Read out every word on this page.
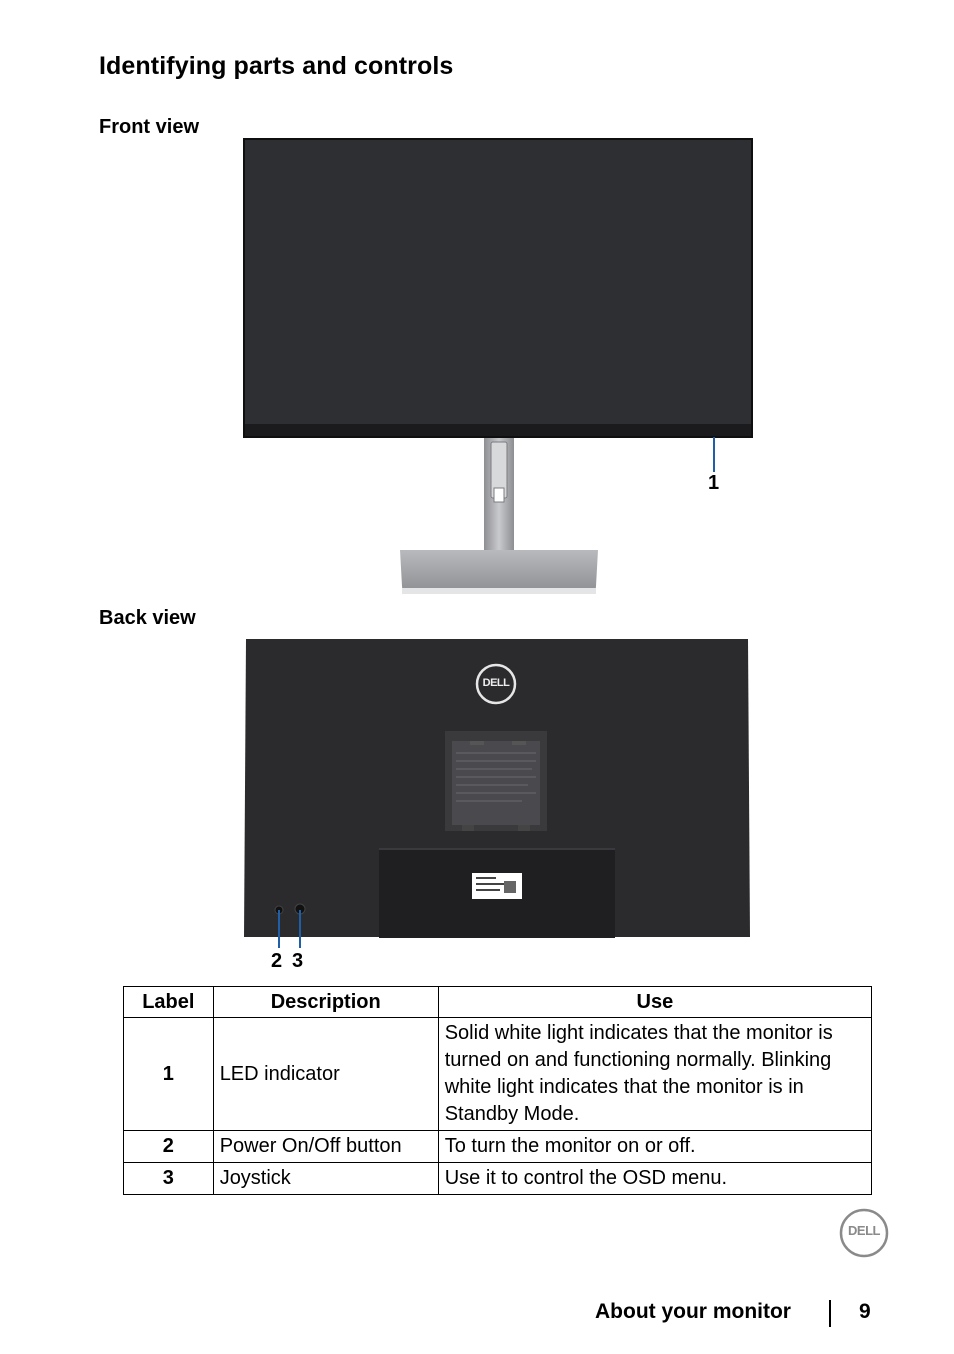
Identifying parts and controls
Front view
1
Back view
DELL
2 3
Label	Description	Use
1	LED indicator	Solid white light indicates that the monitor is turned on and functioning normally. Blinking white light indicates that the monitor is in Standby Mode.
2	Power On/Off button	To turn the monitor on or off.
3	Joystick	Use it to control the OSD menu.
DELL
About your monitor	9
